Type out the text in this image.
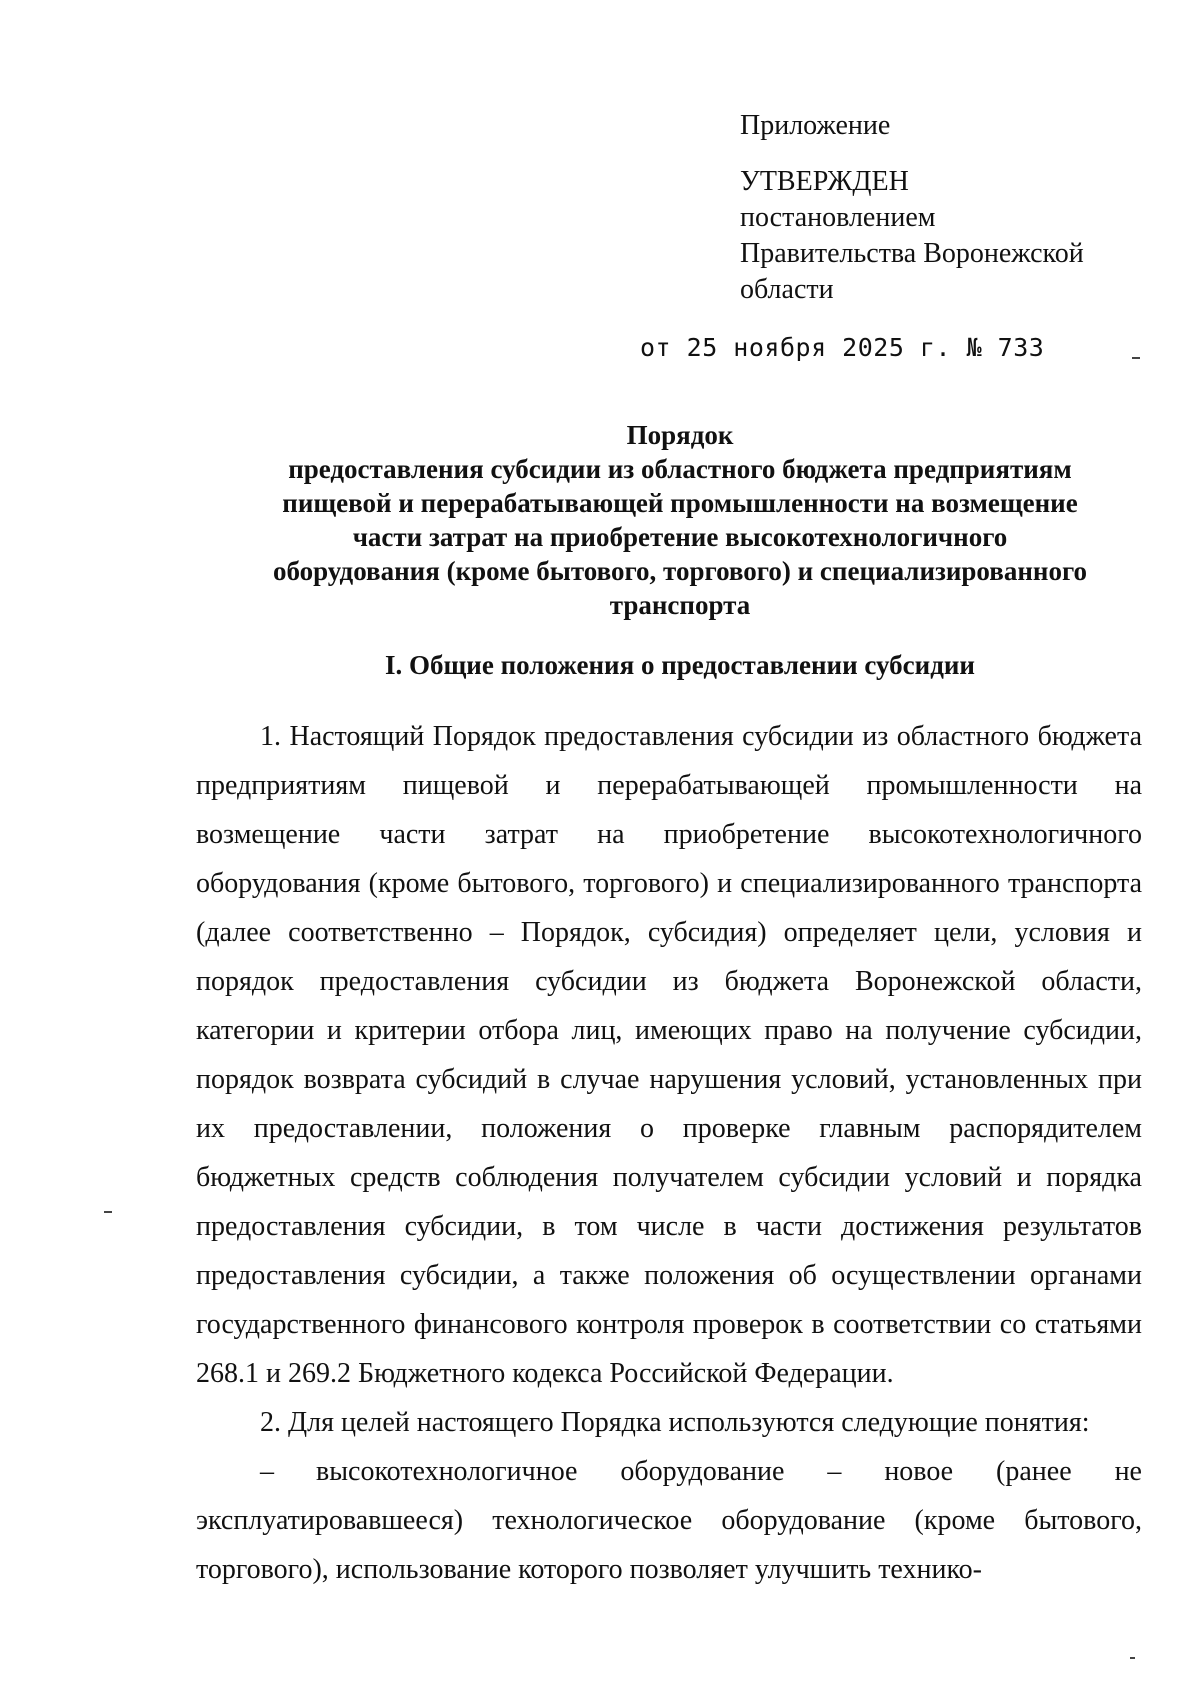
Приложение

УТВЕРЖДЕН
постановлением
Правительства Воронежской
области
от 25 ноября 2025 г. № 733
Порядок
предоставления субсидии из областного бюджета предприятиям
пищевой и перерабатывающей промышленности на возмещение
части затрат на приобретение высокотехнологичного
оборудования (кроме бытового, торгового) и специализированного
транспорта
I. Общие положения о предоставлении субсидии

1. Настоящий Порядок предоставления субсидии из областного бюджета предприятиям пищевой и перерабатывающей промышленности на возмещение части затрат на приобретение высокотехнологичного оборудования (кроме бытового, торгового) и специализированного транспорта (далее соответственно – Порядок, субсидия) определяет цели, условия и порядок предоставления субсидии из бюджета Воронежской области, категории и критерии отбора лиц, имеющих право на получение субсидии, порядок возврата субсидий в случае нарушения условий, установленных при их предоставлении, положения о проверке главным распорядителем бюджетных средств соблюдения получателем субсидии условий и порядка предоставления субсидии, в том числе в части достижения результатов предоставления субсидии, а также положения об осуществлении органами государственного финансового контроля проверок в соответствии со статьями 268.1 и 269.2 Бюджетного кодекса Российской Федерации.

2. Для целей настоящего Порядка используются следующие понятия:

– высокотехнологичное оборудование – новое (ранее не эксплуатировавшееся) технологическое оборудование (кроме бытового, торгового), использование которого позволяет улучшить технико-
